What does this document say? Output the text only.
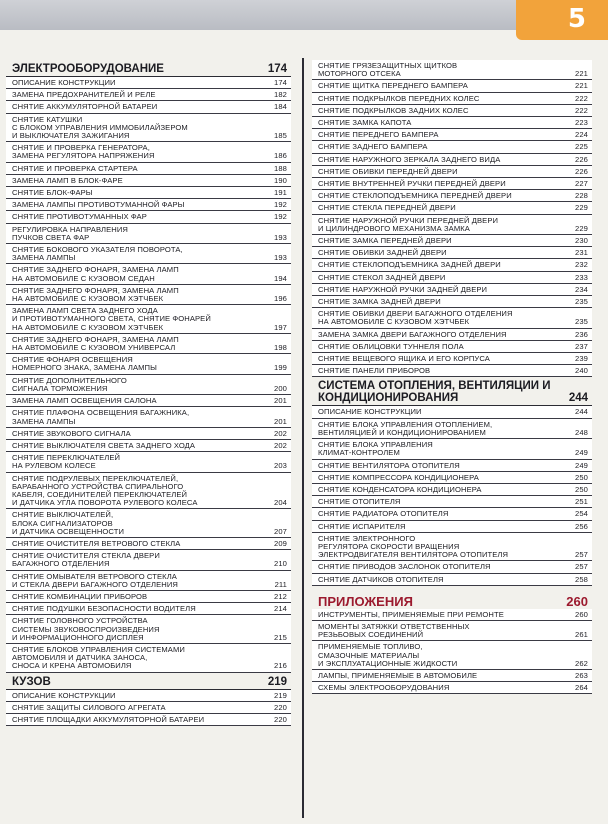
5
ЭЛЕКТРООБОРУДОВАНИЕ	174
ОПИСАНИЕ КОНСТРУКЦИИ	174
ЗАМЕНА ПРЕДОХРАНИТЕЛЕЙ И РЕЛЕ	182
СНЯТИЕ АККУМУЛЯТОРНОЙ БАТАРЕИ	184
СНЯТИЕ КАТУШКИ
С БЛОКОМ УПРАВЛЕНИЯ ИММОБИЛАЙЗЕРОМ
И ВЫКЛЮЧАТЕЛЯ ЗАЖИГАНИЯ	185
СНЯТИЕ И ПРОВЕРКА ГЕНЕРАТОРА,
ЗАМЕНА РЕГУЛЯТОРА НАПРЯЖЕНИЯ	186
СНЯТИЕ И ПРОВЕРКА СТАРТЕРА	188
ЗАМЕНА ЛАМП В БЛОК-ФАРЕ	190
СНЯТИЕ БЛОК-ФАРЫ	191
ЗАМЕНА ЛАМПЫ ПРОТИВОТУМАННОЙ ФАРЫ	192
СНЯТИЕ ПРОТИВОТУМАННЫХ ФАР	192
РЕГУЛИРОВКА НАПРАВЛЕНИЯ
ПУЧКОВ СВЕТА ФАР	193
СНЯТИЕ БОКОВОГО УКАЗАТЕЛЯ ПОВОРОТА,
ЗАМЕНА ЛАМПЫ	193
СНЯТИЕ ЗАДНЕГО ФОНАРЯ, ЗАМЕНА ЛАМП
НА АВТОМОБИЛЕ С КУЗОВОМ СЕДАН	194
СНЯТИЕ ЗАДНЕГО ФОНАРЯ, ЗАМЕНА ЛАМП
НА АВТОМОБИЛЕ С КУЗОВОМ ХЭТЧБЕК	196
ЗАМЕНА ЛАМП СВЕТА ЗАДНЕГО ХОДА
И ПРОТИВОТУМАННОГО СВЕТА, СНЯТИЕ ФОНАРЕЙ
НА АВТОМОБИЛЕ С КУЗОВОМ ХЭТЧБЕК	197
СНЯТИЕ ЗАДНЕГО ФОНАРЯ, ЗАМЕНА ЛАМП
НА АВТОМОБИЛЕ С КУЗОВОМ УНИВЕРСАЛ	198
СНЯТИЕ ФОНАРЯ ОСВЕЩЕНИЯ
НОМЕРНОГО ЗНАКА, ЗАМЕНА ЛАМПЫ	199
СНЯТИЕ ДОПОЛНИТЕЛЬНОГО
СИГНАЛА ТОРМОЖЕНИЯ	200
ЗАМЕНА ЛАМП ОСВЕЩЕНИЯ САЛОНА	201
СНЯТИЕ ПЛАФОНА ОСВЕЩЕНИЯ БАГАЖНИКА,
ЗАМЕНА ЛАМПЫ	201
СНЯТИЕ ЗВУКОВОГО СИГНАЛА	202
СНЯТИЕ ВЫКЛЮЧАТЕЛЯ СВЕТА ЗАДНЕГО ХОДА	202
СНЯТИЕ ПЕРЕКЛЮЧАТЕЛЕЙ
НА РУЛЕВОМ КОЛЕСЕ	203
СНЯТИЕ ПОДРУЛЕВЫХ ПЕРЕКЛЮЧАТЕЛЕЙ,
БАРАБАННОГО УСТРОЙСТВА СПИРАЛЬНОГО
КАБЕЛЯ, СОЕДИНИТЕЛЕЙ ПЕРЕКЛЮЧАТЕЛЕЙ
И ДАТЧИКА УГЛА ПОВОРОТА РУЛЕВОГО КОЛЕСА	204
СНЯТИЕ ВЫКЛЮЧАТЕЛЕЙ,
БЛОКА СИГНАЛИЗАТОРОВ
И ДАТЧИКА ОСВЕЩЕННОСТИ	207
СНЯТИЕ ОЧИСТИТЕЛЯ ВЕТРОВОГО СТЕКЛА	209
СНЯТИЕ ОЧИСТИТЕЛЯ СТЕКЛА ДВЕРИ
БАГАЖНОГО ОТДЕЛЕНИЯ	210
СНЯТИЕ ОМЫВАТЕЛЯ ВЕТРОВОГО СТЕКЛА
И СТЕКЛА ДВЕРИ БАГАЖНОГО ОТДЕЛЕНИЯ	211
СНЯТИЕ КОМБИНАЦИИ ПРИБОРОВ	212
СНЯТИЕ ПОДУШКИ БЕЗОПАСНОСТИ ВОДИТЕЛЯ	214
СНЯТИЕ ГОЛОВНОГО УСТРОЙСТВА
СИСТЕМЫ ЗВУКОВОСПРОИЗВЕДЕНИЯ
И ИНФОРМАЦИОННОГО ДИСПЛЕЯ	215
СНЯТИЕ БЛОКОВ УПРАВЛЕНИЯ СИСТЕМАМИ
АВТОМОБИЛЯ И ДАТЧИКА ЗАНОСА,
СНОСА И КРЕНА АВТОМОБИЛЯ	216
КУЗОВ	219
ОПИСАНИЕ КОНСТРУКЦИИ	219
СНЯТИЕ ЗАЩИТЫ СИЛОВОГО АГРЕГАТА	220
СНЯТИЕ ПЛОЩАДКИ АККУМУЛЯТОРНОЙ БАТАРЕИ	220
СНЯТИЕ ГРЯЗЕЗАЩИТНЫХ ЩИТКОВ
МОТОРНОГО ОТСЕКА	221
СНЯТИЕ ЩИТКА ПЕРЕДНЕГО БАМПЕРА	221
СНЯТИЕ ПОДКРЫЛКОВ ПЕРЕДНИХ КОЛЕС	222
СНЯТИЕ ПОДКРЫЛКОВ ЗАДНИХ КОЛЕС	222
СНЯТИЕ ЗАМКА КАПОТА	223
СНЯТИЕ ПЕРЕДНЕГО БАМПЕРА	224
СНЯТИЕ ЗАДНЕГО БАМПЕРА	225
СНЯТИЕ НАРУЖНОГО ЗЕРКАЛА ЗАДНЕГО ВИДА	226
СНЯТИЕ ОБИВКИ ПЕРЕДНЕЙ ДВЕРИ	226
СНЯТИЕ ВНУТРЕННЕЙ РУЧКИ ПЕРЕДНЕЙ ДВЕРИ	227
СНЯТИЕ СТЕКЛОПОДЪЕМНИКА ПЕРЕДНЕЙ ДВЕРИ	228
СНЯТИЕ СТЕКЛА ПЕРЕДНЕЙ ДВЕРИ	229
СНЯТИЕ НАРУЖНОЙ РУЧКИ ПЕРЕДНЕЙ ДВЕРИ
И ЦИЛИНДРОВОГО МЕХАНИЗМА ЗАМКА	229
СНЯТИЕ ЗАМКА ПЕРЕДНЕЙ ДВЕРИ	230
СНЯТИЕ ОБИВКИ ЗАДНЕЙ ДВЕРИ	231
СНЯТИЕ СТЕКЛОПОДЪЕМНИКА ЗАДНЕЙ ДВЕРИ	232
СНЯТИЕ СТЕКОЛ ЗАДНЕЙ ДВЕРИ	233
СНЯТИЕ НАРУЖНОЙ РУЧКИ ЗАДНЕЙ ДВЕРИ	234
СНЯТИЕ ЗАМКА ЗАДНЕЙ ДВЕРИ	235
СНЯТИЕ ОБИВКИ ДВЕРИ БАГАЖНОГО ОТДЕЛЕНИЯ
НА АВТОМОБИЛЕ С КУЗОВОМ ХЭТЧБЕК	235
ЗАМЕНА ЗАМКА ДВЕРИ БАГАЖНОГО ОТДЕЛЕНИЯ	236
СНЯТИЕ ОБЛИЦОВКИ ТУННЕЛЯ ПОЛА	237
СНЯТИЕ ВЕЩЕВОГО ЯЩИКА И ЕГО КОРПУСА	239
СНЯТИЕ ПАНЕЛИ ПРИБОРОВ	240
СИСТЕМА ОТОПЛЕНИЯ, ВЕНТИЛЯЦИИ И КОНДИЦИОНИРОВАНИЯ	244
ОПИСАНИЕ КОНСТРУКЦИИ	244
СНЯТИЕ БЛОКА УПРАВЛЕНИЯ ОТОПЛЕНИЕМ,
ВЕНТИЛЯЦИЕЙ И КОНДИЦИОНИРОВАНИЕМ	248
СНЯТИЕ БЛОКА УПРАВЛЕНИЯ
КЛИМАТ-КОНТРОЛЕМ	249
СНЯТИЕ ВЕНТИЛЯТОРА ОТОПИТЕЛЯ	249
СНЯТИЕ КОМПРЕССОРА КОНДИЦИОНЕРА	250
СНЯТИЕ КОНДЕНСАТОРА КОНДИЦИОНЕРА	250
СНЯТИЕ ОТОПИТЕЛЯ	251
СНЯТИЕ РАДИАТОРА ОТОПИТЕЛЯ	254
СНЯТИЕ ИСПАРИТЕЛЯ	256
СНЯТИЕ ЭЛЕКТРОННОГО
РЕГУЛЯТОРА СКОРОСТИ ВРАЩЕНИЯ
ЭЛЕКТРОДВИГАТЕЛЯ ВЕНТИЛЯТОРА ОТОПИТЕЛЯ	257
СНЯТИЕ ПРИВОДОВ ЗАСЛОНОК ОТОПИТЕЛЯ	257
СНЯТИЕ ДАТЧИКОВ ОТОПИТЕЛЯ	258
ПРИЛОЖЕНИЯ	260
ИНСТРУМЕНТЫ, ПРИМЕНЯЕМЫЕ ПРИ РЕМОНТЕ	260
МОМЕНТЫ ЗАТЯЖКИ ОТВЕТСТВЕННЫХ
РЕЗЬБОВЫХ СОЕДИНЕНИЙ	261
ПРИМЕНЯЕМЫЕ ТОПЛИВО,
СМАЗОЧНЫЕ МАТЕРИАЛЫ
И ЭКСПЛУАТАЦИОННЫЕ ЖИДКОСТИ	262
ЛАМПЫ, ПРИМЕНЯЕМЫЕ В АВТОМОБИЛЕ	263
СХЕМЫ ЭЛЕКТРООБОРУДОВАНИЯ	264
